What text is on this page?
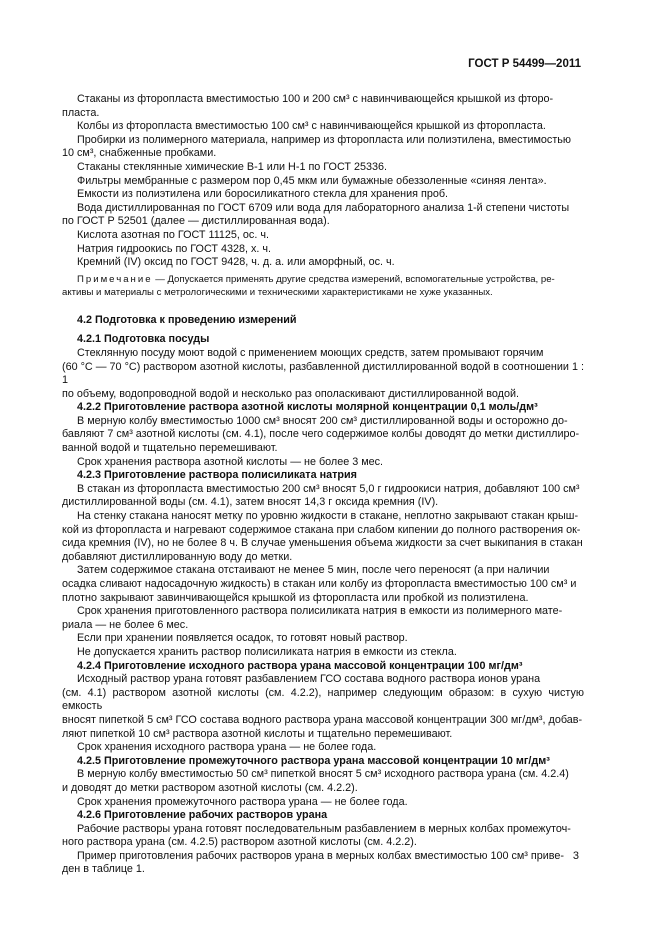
ГОСТ Р 54499—2011

Стаканы из фторопласта вместимостью 100 и 200 см³ с навинчивающейся крышкой из фторо-

пласта.

Колбы из фторопласта вместимостью 100 см³ с навинчивающейся крышкой из фторопласта.

Пробирки из полимерного материала, например из фторопласта или полиэтилена, вместимостью

10 см³, снабженные пробками.

Стаканы стеклянные химические В-1 или Н-1 по ГОСТ 25336.

Фильтры мембранные с размером пор 0,45 мкм или бумажные обеззоленные «синяя лента».

Емкости из полиэтилена или боросиликатного стекла для хранения проб.

Вода дистиллированная по ГОСТ 6709 или вода для лабораторного анализа 1-й степени чистоты

по ГОСТ Р 52501 (далее — дистиллированная вода).

Кислота азотная по ГОСТ 11125, ос. ч.

Натрия гидроокись по ГОСТ 4328, х. ч.

Кремний (IV) оксид по ГОСТ 9428, ч. д. а. или аморфный, ос. ч.

Примечание — Допускается применять другие средства измерений, вспомогательные устройства, ре-

активы и материалы с метрологическими и техническими характеристиками не хуже указанных.

4.2 Подготовка к проведению измерений

4.2.1 Подготовка посуды

Стеклянную посуду моют водой с применением моющих средств, затем промывают горячим

(60 °С — 70 °С) раствором азотной кислоты, разбавленной дистиллированной водой в соотношении 1 : 1

по объему, водопроводной водой и несколько раз ополаскивают дистиллированной водой.

4.2.2 Приготовление раствора азотной кислоты молярной концентрации 0,1 моль/дм³

В мерную колбу вместимостью 1000 см³ вносят 200 см³ дистиллированной воды и осторожно до-

бавляют 7 см³ азотной кислоты (см. 4.1), после чего содержимое колбы доводят до метки дистиллиро-

ванной водой и тщательно перемешивают.

Срок хранения раствора азотной кислоты — не более 3 мес.

4.2.3 Приготовление раствора полисиликата натрия

В стакан из фторопласта вместимостью 200 см³ вносят 5,0 г гидроокиси натрия, добавляют 100 см³

дистиллированной воды (см. 4.1), затем вносят 14,3 г оксида кремния (IV).

На стенку стакана наносят метку по уровню жидкости в стакане, неплотно закрывают стакан крыш-

кой из фторопласта и нагревают содержимое стакана при слабом кипении до полного растворения ок-

сида кремния (IV), но не более 8 ч. В случае уменьшения объема жидкости за счет выкипания в стакан

добавляют дистиллированную воду до метки.

Затем содержимое стакана отстаивают не менее 5 мин, после чего переносят (а при наличии

осадка сливают надосадочную жидкость) в стакан или колбу из фторопласта вместимостью 100 см³ и

плотно закрывают завинчивающейся крышкой из фторопласта или пробкой из полиэтилена.

Срок хранения приготовленного раствора полисиликата натрия в емкости из полимерного мате-

риала — не более 6 мес.

Если при хранении появляется осадок, то готовят новый раствор.

Не допускается хранить раствор полисиликата натрия в емкости из стекла.

4.2.4 Приготовление исходного раствора урана массовой концентрации 100 мг/дм³

Исходный раствор урана готовят разбавлением ГСО состава водного раствора ионов урана

(см. 4.1) раствором азотной кислоты (см. 4.2.2), например следующим образом: в сухую чистую емкость

вносят пипеткой 5 см³ ГСО состава водного раствора урана массовой концентрации 300 мг/дм³, добав-

ляют пипеткой 10 см³ раствора азотной кислоты и тщательно перемешивают.

Срок хранения исходного раствора урана — не более года.

4.2.5 Приготовление промежуточного раствора урана массовой концентрации 10 мг/дм³

В мерную колбу вместимостью 50 см³ пипеткой вносят 5 см³ исходного раствора урана (см. 4.2.4)

и доводят до метки раствором азотной кислоты (см. 4.2.2).

Срок хранения промежуточного раствора урана — не более года.

4.2.6 Приготовление рабочих растворов урана

Рабочие растворы урана готовят последовательным разбавлением в мерных колбах промежуточ-

ного раствора урана (см. 4.2.5) раствором азотной кислоты (см. 4.2.2).

Пример приготовления рабочих растворов урана в мерных колбах вместимостью 100 см³ приве-

ден в таблице 1.

3
